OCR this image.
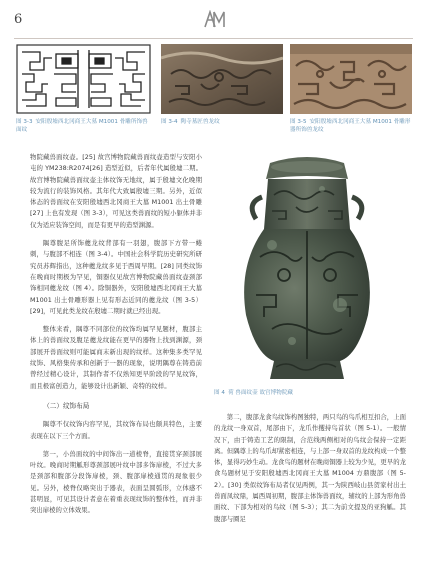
6
图 3-3 安阳殷墟西北冈商王大墓 M1001 骨雕所饰兽面纹
图 3-4 陶寺墓匠兽龙纹	图 3-5 安阳殷墟西北冈商王大墓 M1001 骨雕形器所饰兽龙纹

物院藏兽面纹壶。[25] 故宫博物院藏兽面纹壶造型与安阳小屯的 YM238:R2074[26] 造型近似，后者年代属殷墟二期。故宫博物院藏兽面纹壶主体纹饰无地纹，属于殷墟文化晚期较为流行的装饰风格。其年代大致属殷墟三期。另外，近似体态的兽面纹在安阳殷墟西北冈商王大墓 M1001 出土骨雕 [27] 上也有发现（图 3-3），可见这类兽面纹的短小躯体并非仅为适应装饰空间，而是有更早的造型渊源。

隅尊腹足所饰夔龙纹背部有一羽翅，腹部下方带一蜷刺，与腹部不相连（图 3-4）。中国社会科学院历史研究所研究员苏辉指出，这种夔龙纹多见于西周早期。[28] 同类纹饰在晚商时期极为罕见，铜器仅见故宫博物院藏兽面纹壶颈部饰相同夔龙纹（图 4）。除铜器外，安阳殷墟西北冈商王大墓 M1001 出土骨雕形器上见有形态近同的夔龙纹（图 3-5）[29]，可见此类龙纹在殷墟二期时就已经出现。

整体来看，隅尊不同部位的纹饰均属罕见题材，腹部主体上的兽面纹及腹足夔龙纹能在更早的器物上找到渊源，颈部展开兽面纹则可能属商末新出现的纹样。这种集多类罕见纹饰、风格集传承和创新于一器的现象，说明隅尊在铸造前曾经过精心设计，其制作者不仅熟知更早阶段的罕见纹饰，而且极富创造力，能够设计出新颖、奇特的纹样。

（二）纹饰布局

隅尊不仅纹饰内容罕见，其纹饰布局也颇具特色，主要表现在以下三个方面。

第一，小兽面纹的中间饰出一道棱脊，直接贯穿颈部展叶纹。晚商时期觚形尊颈部展叶纹中部多饰扉棱，不过大多是颈部和腹部分段饰扉棱，颈、腹部扉棱通贯的现象很少见。另外，棱脊仅略突出于器表，表面呈圆弧形，立体感不甚明显，可见其设计者意在着重表现纹饰的整体性，而并非突出扉棱的立体效果。

图 4 荷 兽面纹壶 故宫博物院藏

第二，腹部龙食鸟纹饰构图独特，两只鸟的鸟爪相互扣合，上面的龙纹一身双首，尾部由下，龙爪作攫持鸟首状（图 5-1）。一般情况下，由于铸造工艺的限制，合范线两侧相对的鸟纹会保持一定距离。但隅尊上的鸟爪却紧密相连，与上部一身双首的龙纹构成一个整体，显得巧妙生动。龙食鸟的题材在晚商铜器上较为少见，更早的龙食鸟题材见于安阳殷墟西北冈商王大墓 M1004 方鼎腹部（图 5-2）。[30] 类似纹饰布局者仅见两例，其一为陕西岐山县贺家村出土兽面凤纹鼎，属西周初期，腹部主体饰兽面纹，辅纹的上部为形角兽面纹、下部为相对的鸟纹（图 5-3）；其二为前文提及的亚狗觚。其腹部与圈足
